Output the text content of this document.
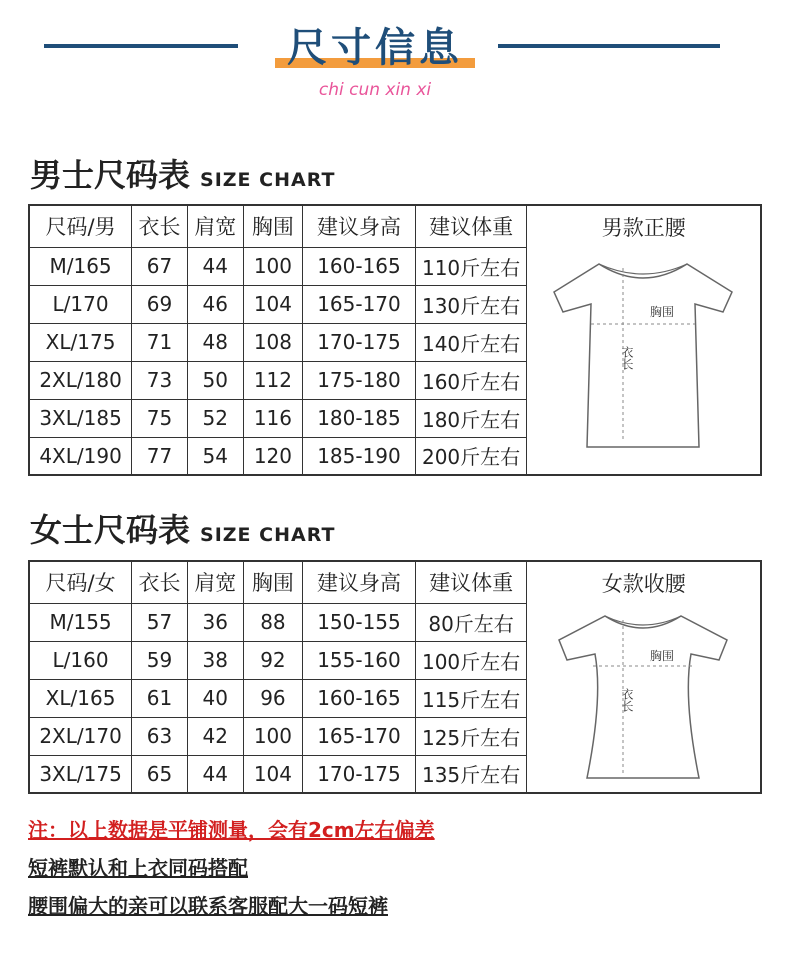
尺寸信息
chi cun xin xi
男士尺码表 SIZE CHART
尺码/男	衣长	肩宽	胸围	建议身高	建议体重	男款正腰
胸围
衣长

M/165	67	44	100	160-165	110斤左右	
L/170	69	46	104	165-170	130斤左右	
XL/175	71	48	108	170-175	140斤左右	
2XL/180	73	50	112	175-180	160斤左右	
3XL/185	75	52	116	180-185	180斤左右	
4XL/190	77	54	120	185-190	200斤左右	
女士尺码表 SIZE CHART
尺码/女	衣长	肩宽	胸围	建议身高	建议体重	女款收腰
胸围
衣长

M/155	57	36	88	150-155	80斤左右	
L/160	59	38	92	155-160	100斤左右	
XL/165	61	40	96	160-165	115斤左右	
2XL/170	63	42	100	165-170	125斤左右	
3XL/175	65	44	104	170-175	135斤左右	
注：以上数据是平铺测量，会有2cm左右偏差
短裤默认和上衣同码搭配
腰围偏大的亲可以联系客服配大一码短裤
